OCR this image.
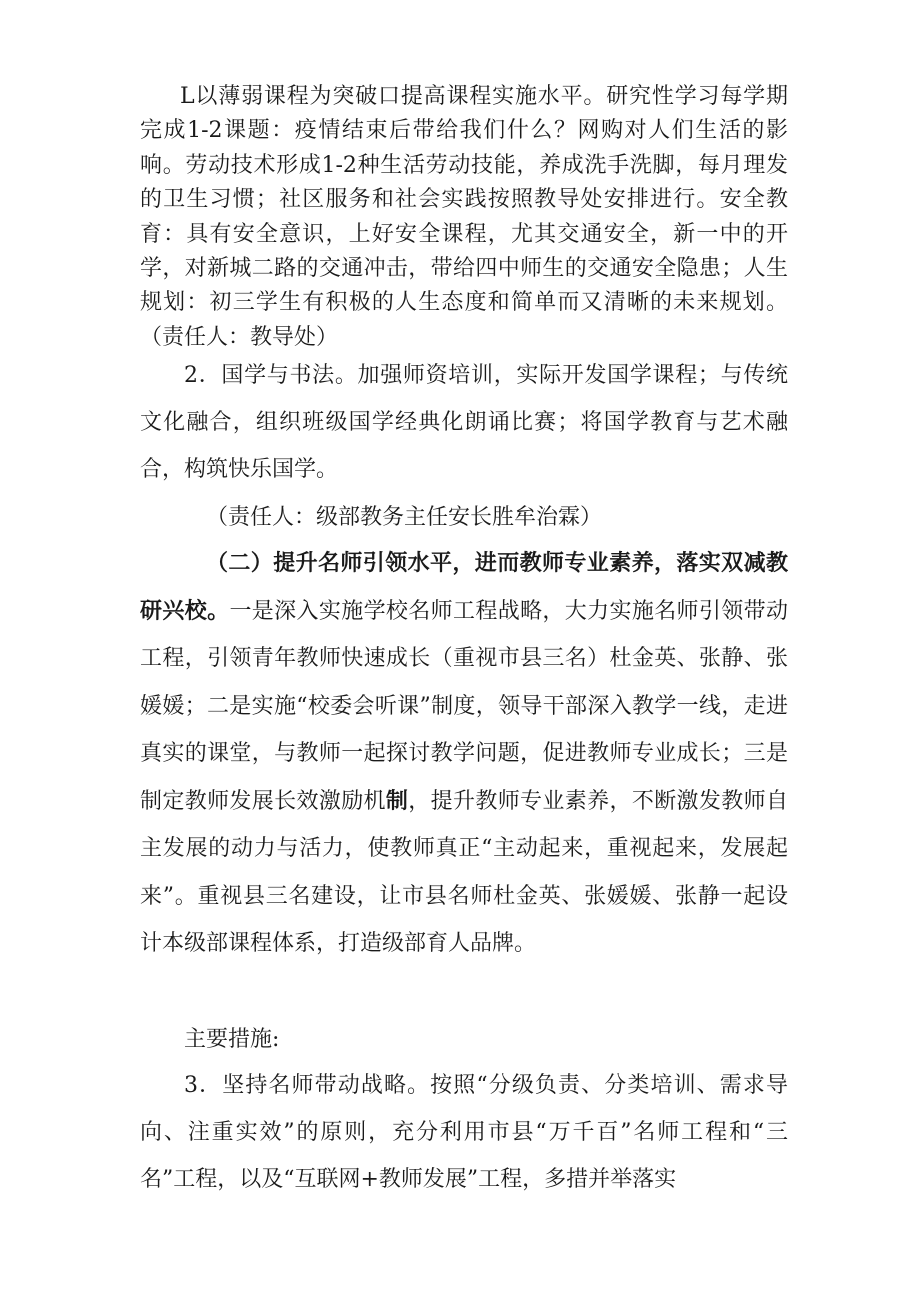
L以薄弱课程为突破口提高课程实施水平。研究性学习每学期完成1-2课题：疫情结束后带给我们什么？网购对人们生活的影响。劳动技术形成1-2种生活劳动技能，养成洗手洗脚，每月理发的卫生习惯；社区服务和社会实践按照教导处安排进行。安全教育：具有安全意识，上好安全课程，尤其交通安全，新一中的开学，对新城二路的交通冲击，带给四中师生的交通安全隐患；人生规划：初三学生有积极的人生态度和简单而又清晰的未来规划。（责任人：教导处）

2．国学与书法。加强师资培训，实际开发国学课程；与传统文化融合，组织班级国学经典化朗诵比赛；将国学教育与艺术融合，构筑快乐国学。

（责任人：级部教务主任安长胜牟治霖）

（二）提升名师引领水平，进而教师专业素养，落实双减教研兴校。一是深入实施学校名师工程战略，大力实施名师引领带动工程，引领青年教师快速成长（重视市县三名）杜金英、张静、张媛媛；二是实施“校委会听课”制度，领导干部深入教学一线，走进真实的课堂，与教师一起探讨教学问题，促进教师专业成长；三是制定教师发展长效激励机制，提升教师专业素养，不断激发教师自主发展的动力与活力，使教师真正“主动起来，重视起来，发展起来”。重视县三名建设，让市县名师杜金英、张媛媛、张静一起设计本级部课程体系，打造级部育人品牌。

主要措施:

3．坚持名师带动战略。按照“分级负责、分类培训、需求导向、注重实效”的原则，充分利用市县“万千百”名师工程和“三名”工程，以及“互联网+教师发展”工程，多措并举落实
